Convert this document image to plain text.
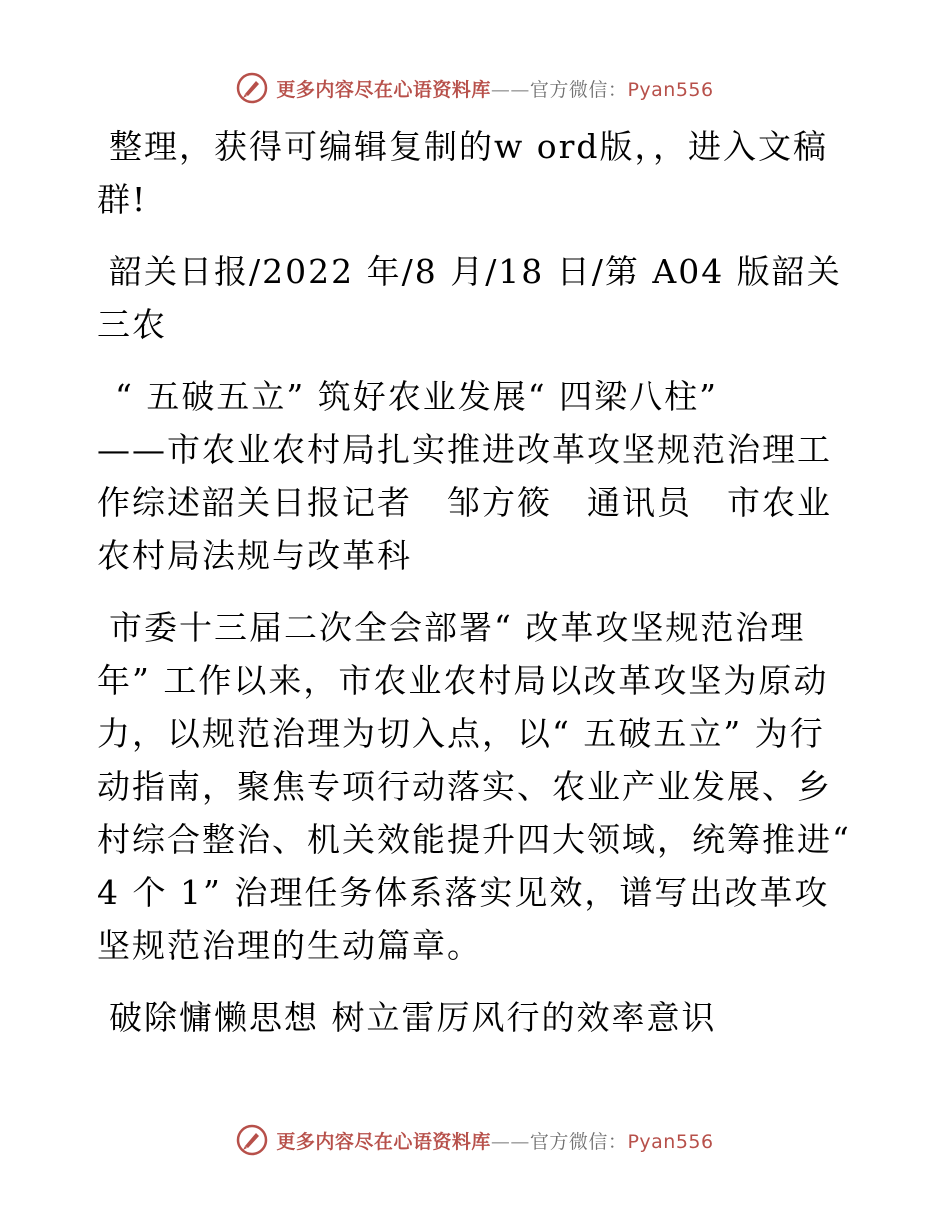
更多内容尽在心语资料库——官方微信：Pyan556

整理，获得可编辑复制的w ord版，，进入文稿群!

韶关日报/2022 年/8 月/18 日/第 A04 版韶关三农

“ 五破五立” 筑好农业发展“ 四梁八柱”

——市农业农村局扎实推进改革攻坚规范治理工作综述韶关日报记者　邹方筱　通讯员　市农业农村局法规与改革科

市委十三届二次全会部署“ 改革攻坚规范治理年” 工作以来，市农业农村局以改革攻坚为原动力，以规范治理为切入点，以“ 五破五立” 为行动指南，聚焦专项行动落实、农业产业发展、乡村综合整治、机关效能提升四大领域，统筹推进“ 4 个 1” 治理任务体系落实见效，谱写出改革攻坚规范治理的生动篇章。

破除慵懒思想 树立雷厉风行的效率意识

更多内容尽在心语资料库——官方微信：Pyan556
